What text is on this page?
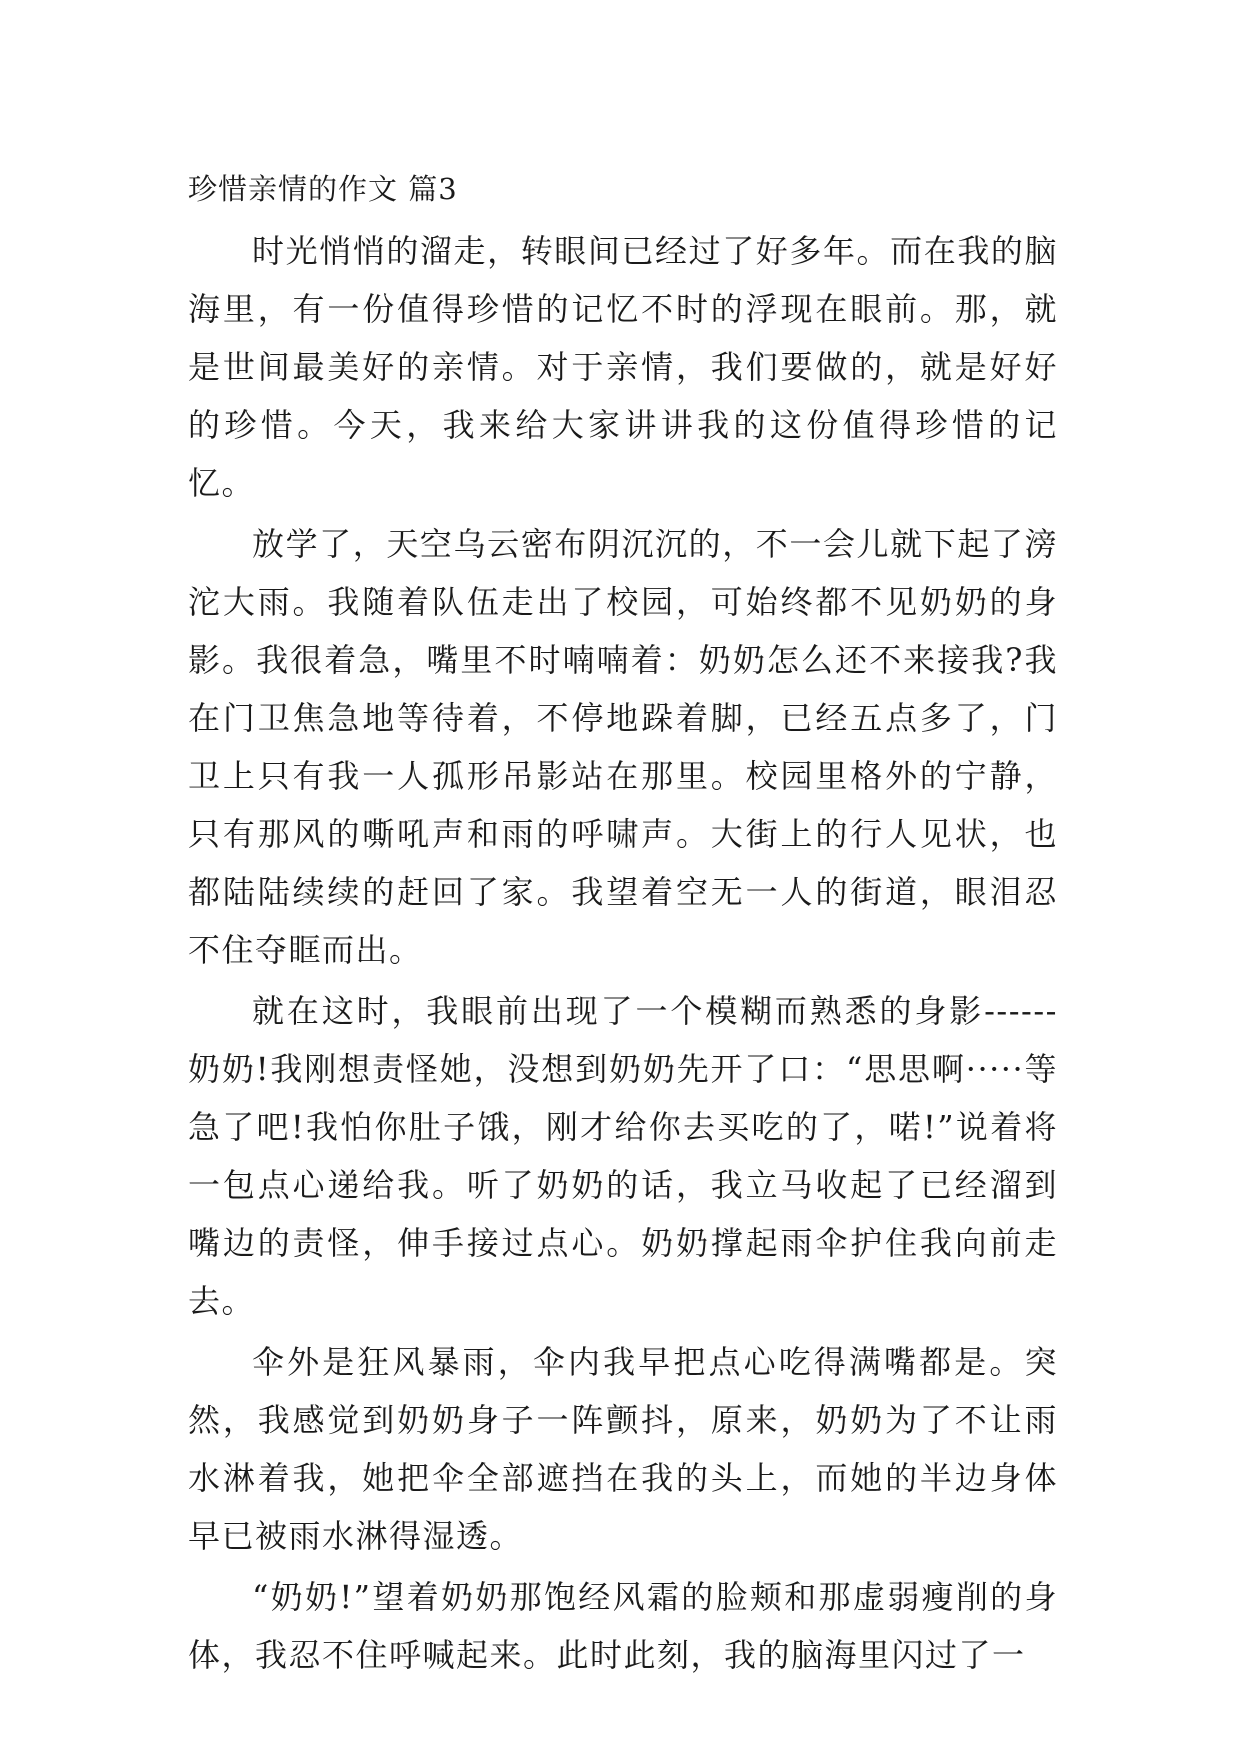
珍惜亲情的作文 篇3

时光悄悄的溜走，转眼间已经过了好多年。而在我的脑海里，有一份值得珍惜的记忆不时的浮现在眼前。那，就是世间最美好的亲情。对于亲情，我们要做的，就是好好的珍惜。今天，我来给大家讲讲我的这份值得珍惜的记忆。

放学了，天空乌云密布阴沉沉的，不一会儿就下起了滂沱大雨。我随着队伍走出了校园，可始终都不见奶奶的身影。我很着急，嘴里不时喃喃着：奶奶怎么还不来接我?我在门卫焦急地等待着，不停地跺着脚，已经五点多了，门卫上只有我一人孤形吊影站在那里。校园里格外的宁静，只有那风的嘶吼声和雨的呼啸声。大街上的行人见状，也都陆陆续续的赶回了家。我望着空无一人的街道，眼泪忍不住夺眶而出。

就在这时，我眼前出现了一个模糊而熟悉的身影------奶奶!我刚想责怪她，没想到奶奶先开了口：“思思啊·····等急了吧!我怕你肚子饿，刚才给你去买吃的了，喏!”说着将一包点心递给我。听了奶奶的话，我立马收起了已经溜到嘴边的责怪，伸手接过点心。奶奶撑起雨伞护住我向前走去。

伞外是狂风暴雨，伞内我早把点心吃得满嘴都是。突然，我感觉到奶奶身子一阵颤抖，原来，奶奶为了不让雨水淋着我，她把伞全部遮挡在我的头上，而她的半边身体早已被雨水淋得湿透。

“奶奶!”望着奶奶那饱经风霜的脸颊和那虚弱瘦削的身体，我忍不住呼喊起来。此时此刻，我的脑海里闪过了一
